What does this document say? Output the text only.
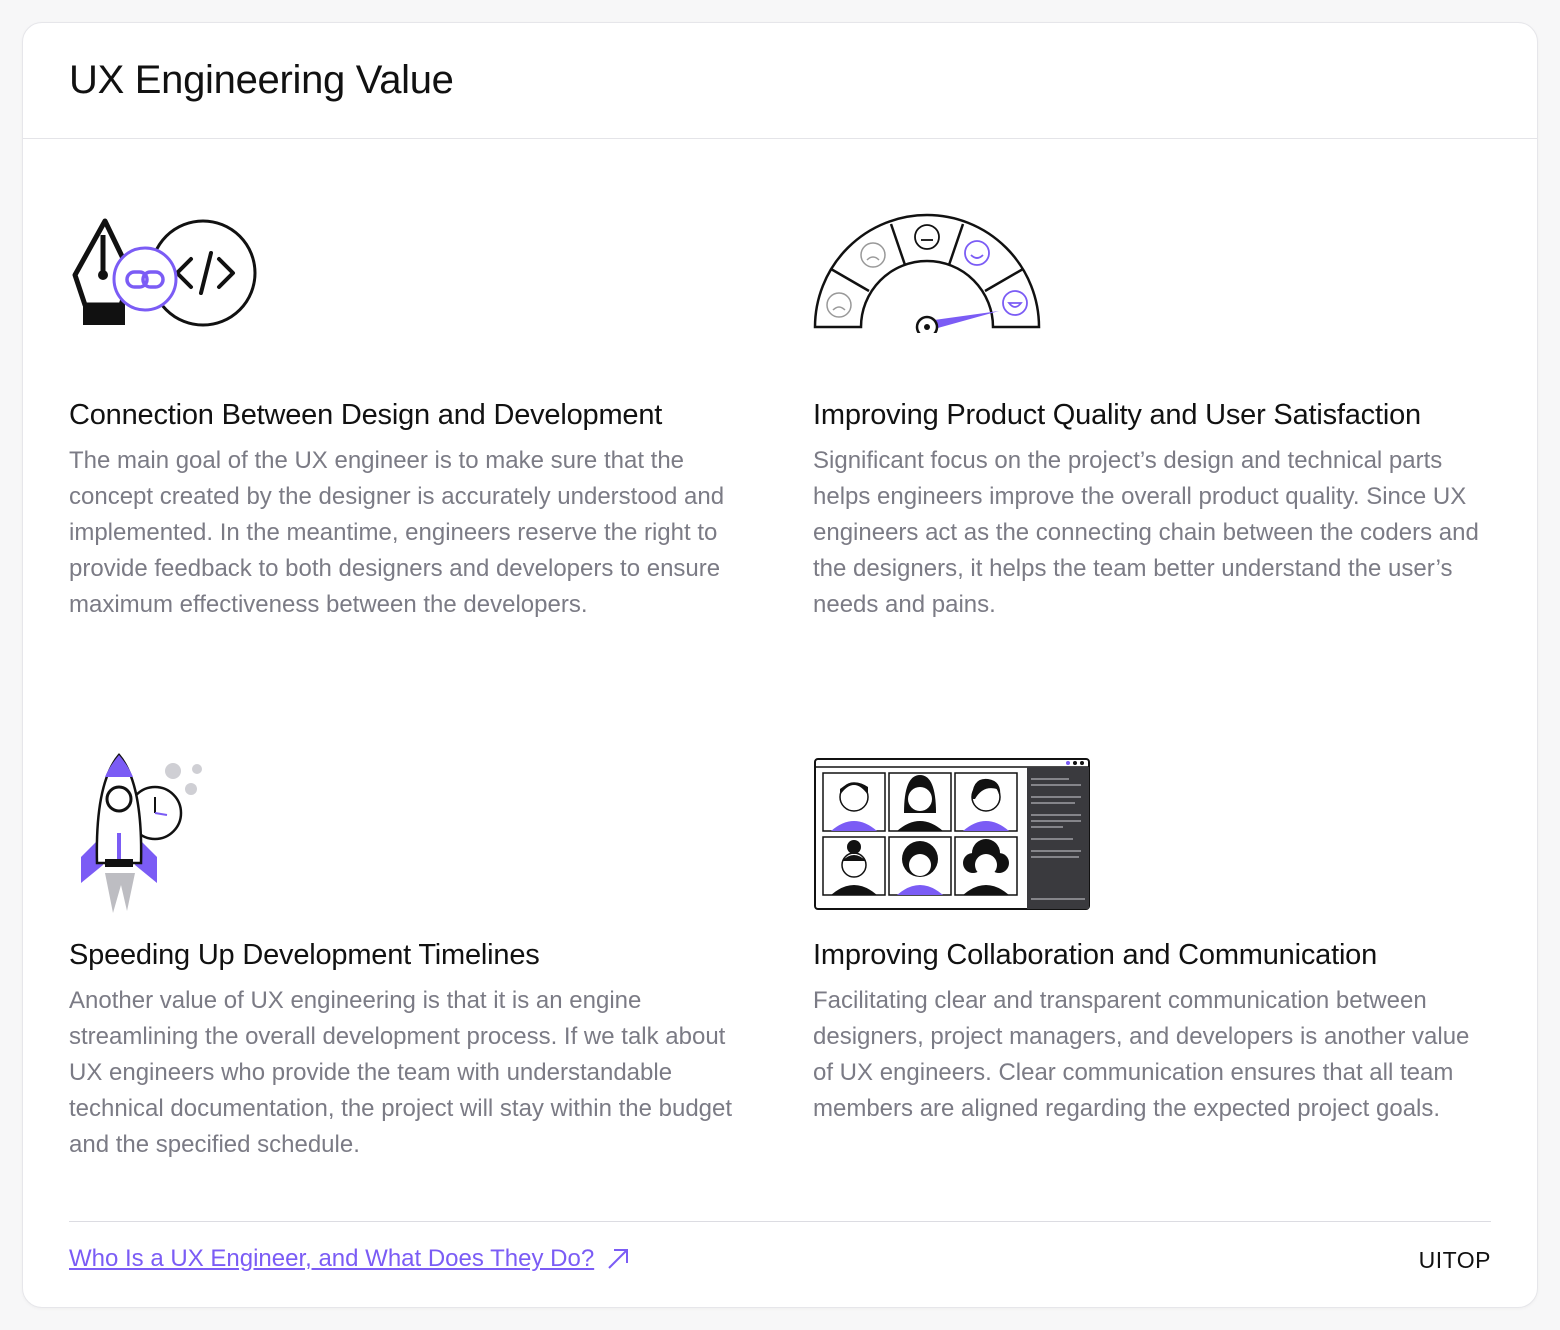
UX Engineering Value
Connection Between Design and Development

The main goal of the UX engineer is to make sure that the concept created by the designer is accurately understood and implemented. In the meantime, engineers reserve the right to provide feedback to both designers and developers to ensure maximum effectiveness between the developers.

Improving Product Quality and User Satisfaction

Significant focus on the project’s design and technical parts helps engineers improve the overall product quality. Since UX engineers act as the connecting chain between the coders and the designers, it helps the team better understand the user’s needs and pains.

Speeding Up Development Timelines

Another value of UX engineering is that it is an engine streamlining the overall development process. If we talk about UX engineers who provide the team with understandable technical documentation, the project will stay within the budget and the specified schedule.

Improving Collaboration and Communication

Facilitating clear and transparent communication between designers, project managers, and developers is another value of UX engineers. Clear communication ensures that all team members are aligned regarding the expected project goals.

Who Is a UX Engineer, and What Does They Do?	UITOP
